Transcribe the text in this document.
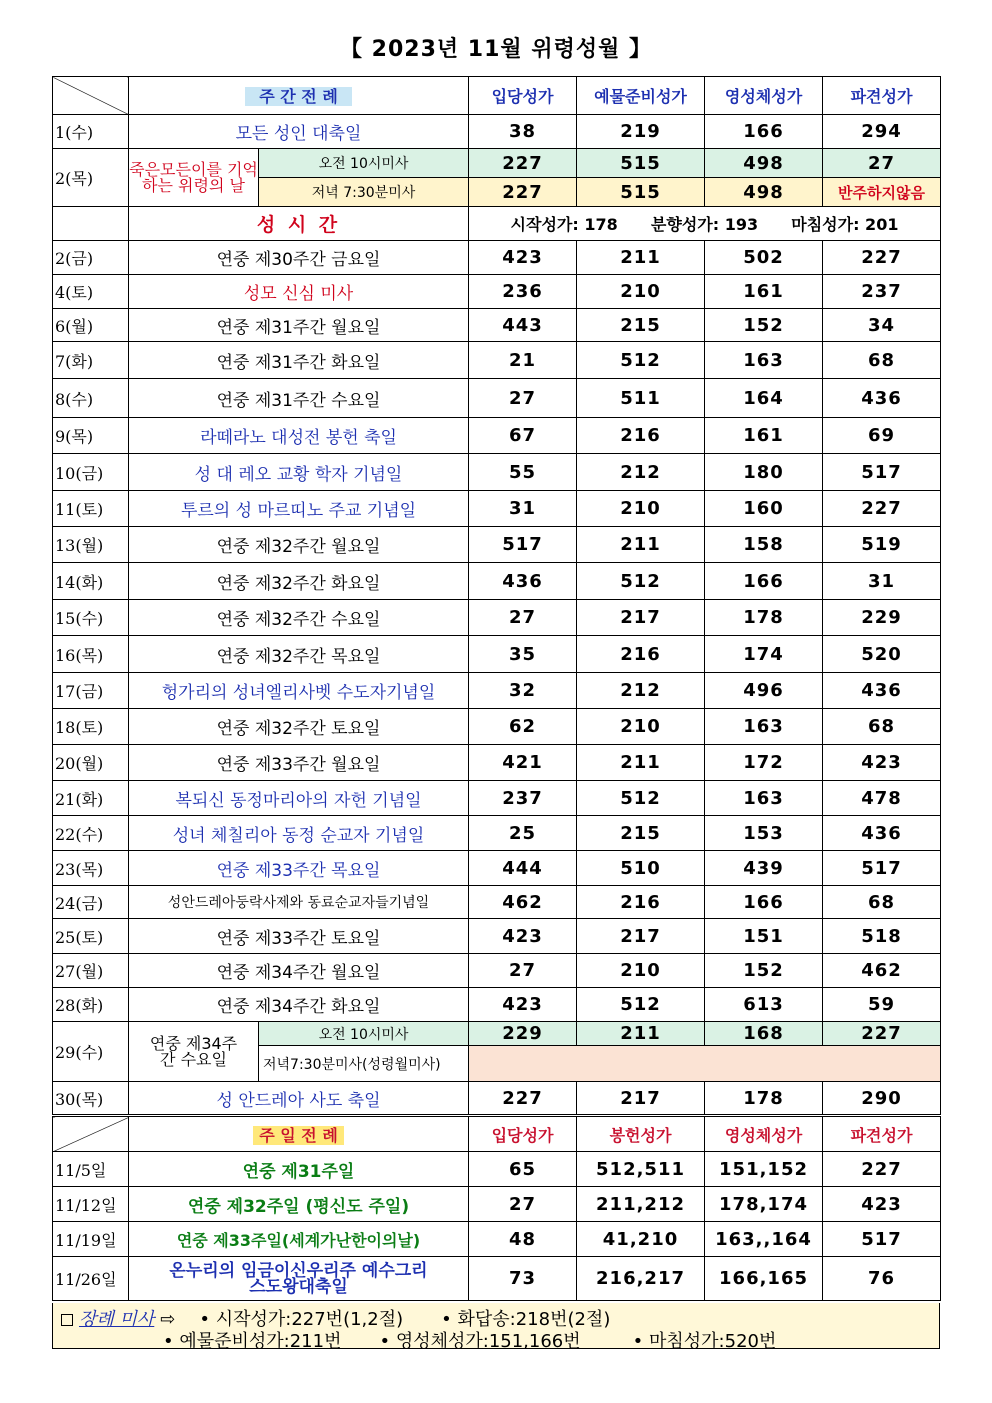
【 2023년 11월 위령성월 】
	주 간 전 례		입당성가	예물준비성가	영성체성가	파견성가
1(수)	모든 성인 대축일		38	219	166	294
2(목)	죽은모든이를 기억하는 위령의 날	오전 10시미사	227	515	498	27
		저녁 7:30분미사	227	515	498	반주하지않음
	성 시 간		시작성가: 178 분향성가: 193 마침성가: 201			
2(금)	연중 제30주간 금요일		423	211	502	227
4(토)	성모 신심 미사		236	210	161	237
6(월)	연중 제31주간 월요일		443	215	152	34
7(화)	연중 제31주간 화요일		21	512	163	68
8(수)	연중 제31주간 수요일		27	511	164	436
9(목)	라떼라노 대성전 봉헌 축일		67	216	161	69
10(금)	성 대 레오 교황 학자 기념일		55	212	180	517
11(토)	투르의 성 마르띠노 주교 기념일		31	210	160	227
13(월)	연중 제32주간 월요일		517	211	158	519
14(화)	연중 제32주간 화요일		436	512	166	31
15(수)	연중 제32주간 수요일		27	217	178	229
16(목)	연중 제32주간 목요일		35	216	174	520
17(금)	헝가리의 성녀엘리사벳 수도자기념일		32	212	496	436
18(토)	연중 제32주간 토요일		62	210	163	68
20(월)	연중 제33주간 월요일		421	211	172	423
21(화)	복되신 동정마리아의 자헌 기념일		237	512	163	478
22(수)	성녀 체칠리아 동정 순교자 기념일		25	215	153	436
23(목)	연중 제33주간 목요일		444	510	439	517
24(금)	성안드레아둥락사제와 동료순교자들기념일		462	216	166	68
25(토)	연중 제33주간 토요일		423	217	151	518
27(월)	연중 제34주간 월요일		27	210	152	462
28(화)	연중 제34주간 화요일		423	512	613	59
29(수)	연중 제34주간 수요일	오전 10시미사	229	211	168	227
		저녁7:30분미사(성령월미사)				
30(목)	성 안드레아 사도 축일		227	217	178	290
	주 일 전 례		입당성가	봉헌성가	영성체성가	파견성가
11/5일	연중 제31주일		65	512,511	151,152	227
11/12일	연중 제32주일 (평신도 주일)		27	211,212	178,174	423
11/19일	연중 제33주일(세계가난한이의날)		48	41,210	163,,164	517
11/26일	온누리의 임금이신우리주 예수그리스도왕대축일		73	216,217	166,165	76
장례 미사 ⇨ • 시작성가:227번(1,2절) • 화답송:218번(2절)
• 예물준비성가:211번 • 영성체성가:151,166번	• 마침성가:520번
